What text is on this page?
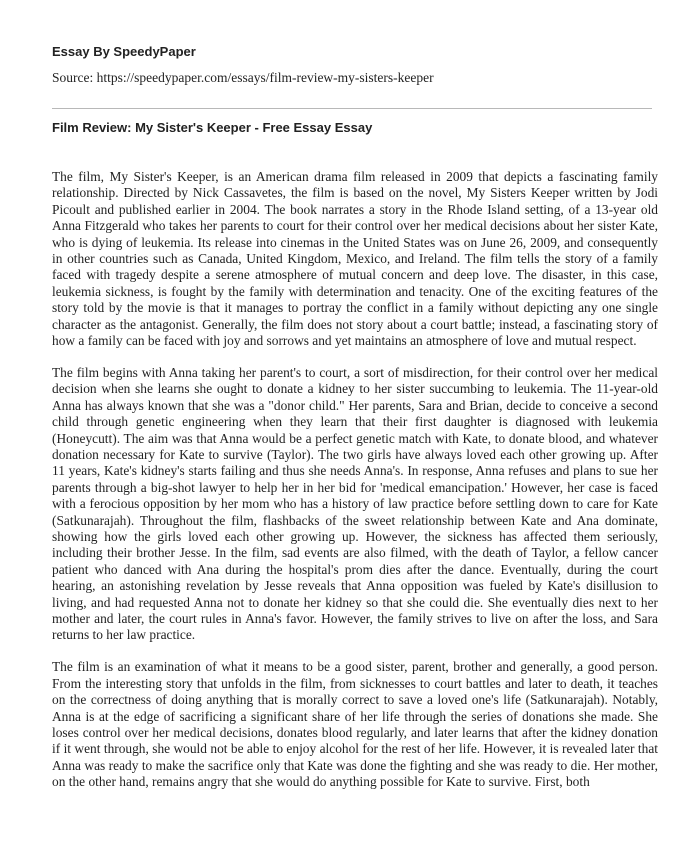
Essay By SpeedyPaper
Source: https://speedypaper.com/essays/film-review-my-sisters-keeper
Film Review: My Sister's Keeper - Free Essay Essay

The film, My Sister's Keeper, is an American drama film released in 2009 that depicts a fascinating family relationship. Directed by Nick Cassavetes, the film is based on the novel, My Sisters Keeper written by Jodi Picoult and published earlier in 2004. The book narrates a story in the Rhode Island setting, of a 13-year old Anna Fitzgerald who takes her parents to court for their control over her medical decisions about her sister Kate, who is dying of leukemia. Its release into cinemas in the United States was on June 26, 2009, and consequently in other countries such as Canada, United Kingdom, Mexico, and Ireland. The film tells the story of a family faced with tragedy despite a serene atmosphere of mutual concern and deep love. The disaster, in this case, leukemia sickness, is fought by the family with determination and tenacity. One of the exciting features of the story told by the movie is that it manages to portray the conflict in a family without depicting any one single character as the antagonist. Generally, the film does not story about a court battle; instead, a fascinating story of how a family can be faced with joy and sorrows and yet maintains an atmosphere of love and mutual respect.

The film begins with Anna taking her parent's to court, a sort of misdirection, for their control over her medical decision when she learns she ought to donate a kidney to her sister succumbing to leukemia. The 11-year-old Anna has always known that she was a "donor child." Her parents, Sara and Brian, decide to conceive a second child through genetic engineering when they learn that their first daughter is diagnosed with leukemia (Honeycutt). The aim was that Anna would be a perfect genetic match with Kate, to donate blood, and whatever donation necessary for Kate to survive (Taylor). The two girls have always loved each other growing up. After 11 years, Kate's kidney's starts failing and thus she needs Anna's. In response, Anna refuses and plans to sue her parents through a big-shot lawyer to help her in her bid for 'medical emancipation.' However, her case is faced with a ferocious opposition by her mom who has a history of law practice before settling down to care for Kate (Satkunarajah). Throughout the film, flashbacks of the sweet relationship between Kate and Ana dominate, showing how the girls loved each other growing up. However, the sickness has affected them seriously, including their brother Jesse. In the film, sad events are also filmed, with the death of Taylor, a fellow cancer patient who danced with Ana during the hospital's prom dies after the dance. Eventually, during the court hearing, an astonishing revelation by Jesse reveals that Anna opposition was fueled by Kate's disillusion to living, and had requested Anna not to donate her kidney so that she could die. She eventually dies next to her mother and later, the court rules in Anna's favor. However, the family strives to live on after the loss, and Sara returns to her law practice.

The film is an examination of what it means to be a good sister, parent, brother and generally, a good person. From the interesting story that unfolds in the film, from sicknesses to court battles and later to death, it teaches on the correctness of doing anything that is morally correct to save a loved one's life (Satkunarajah). Notably, Anna is at the edge of sacrificing a significant share of her life through the series of donations she made. She loses control over her medical decisions, donates blood regularly, and later learns that after the kidney donation if it went through, she would not be able to enjoy alcohol for the rest of her life. However, it is revealed later that Anna was ready to make the sacrifice only that Kate was done the fighting and she was ready to die. Her mother, on the other hand, remains angry that she would do anything possible for Kate to survive. First, both
